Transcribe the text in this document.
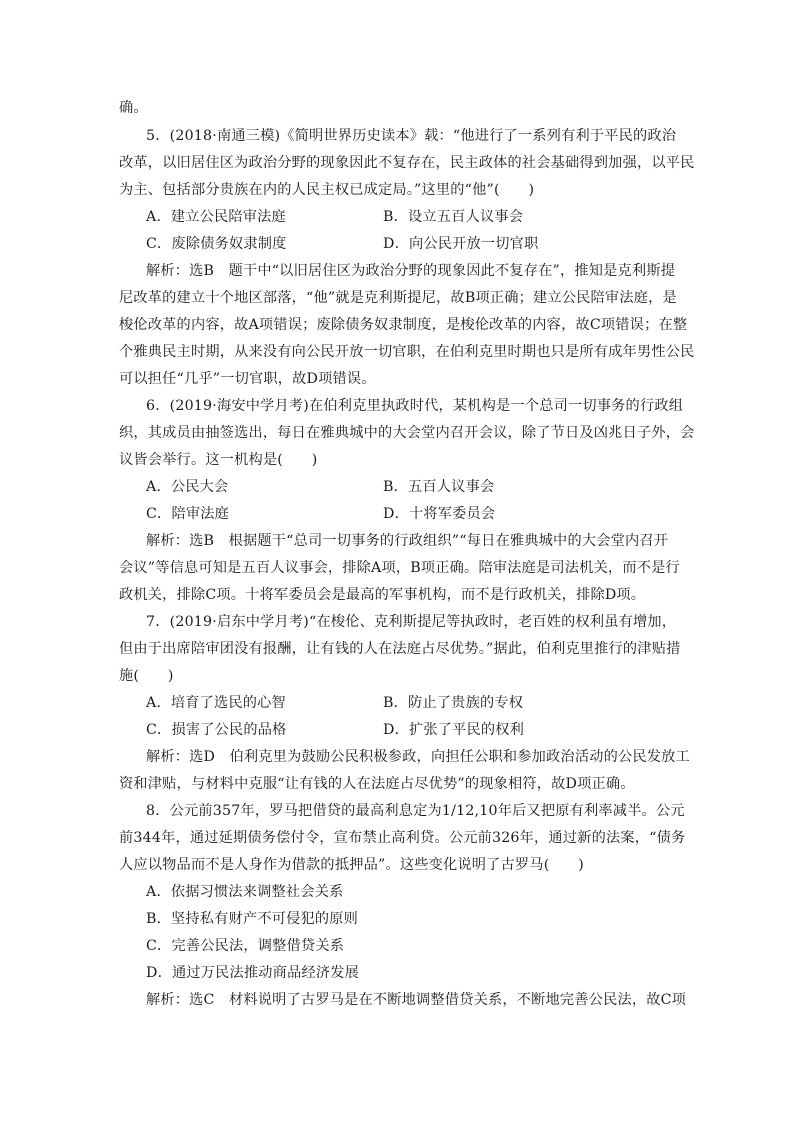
确。
5．(2018·南通三模)《简明世界历史读本》载：“他进行了一系列有利于平民的政治
改革，以旧居住区为政治分野的现象因此不复存在，民主政体的社会基础得到加强，以平民
为主、包括部分贵族在内的人民主权已成定局。”这里的“他”(　　)
A．建立公民陪审法庭	B．设立五百人议事会
C．废除债务奴隶制度	D．向公民开放一切官职
解析：选B　题干中“以旧居住区为政治分野的现象因此不复存在”，推知是克利斯提
尼改革的建立十个地区部落，“他”就是克利斯提尼，故B项正确；建立公民陪审法庭，是
梭伦改革的内容，故A项错误；废除债务奴隶制度，是梭伦改革的内容，故C项错误；在整
个雅典民主时期，从来没有向公民开放一切官职，在伯利克里时期也只是所有成年男性公民
可以担任“几乎”一切官职，故D项错误。
6．(2019·海安中学月考)在伯利克里执政时代，某机构是一个总司一切事务的行政组
织，其成员由抽签选出，每日在雅典城中的大会堂内召开会议，除了节日及凶兆日子外，会
议皆会举行。这一机构是(　　)
A．公民大会	B．五百人议事会
C．陪审法庭	D．十将军委员会
解析：选B　根据题干“总司一切事务的行政组织”“每日在雅典城中的大会堂内召开
会议”等信息可知是五百人议事会，排除A项，B项正确。陪审法庭是司法机关，而不是行
政机关，排除C项。十将军委员会是最高的军事机构，而不是行政机关，排除D项。
7．(2019·启东中学月考)“在梭伦、克利斯提尼等执政时，老百姓的权利虽有增加，
但由于出席陪审团没有报酬，让有钱的人在法庭占尽优势。”据此，伯利克里推行的津贴措
施(　　)
A．培育了选民的心智	B．防止了贵族的专权
C．损害了公民的品格	D．扩张了平民的权利
解析：选D　伯利克里为鼓励公民积极参政，向担任公职和参加政治活动的公民发放工
资和津贴，与材料中克服“让有钱的人在法庭占尽优势”的现象相符，故D项正确。
8．公元前357年，罗马把借贷的最高利息定为1/12,10年后又把原有利率减半。公元
前344年，通过延期债务偿付令，宣布禁止高利贷。公元前326年，通过新的法案，“债务
人应以物品而不是人身作为借款的抵押品”。这些变化说明了古罗马(　　)
A．依据习惯法来调整社会关系
B．坚持私有财产不可侵犯的原则
C．完善公民法，调整借贷关系
D．通过万民法推动商品经济发展
解析：选C　材料说明了古罗马是在不断地调整借贷关系，不断地完善公民法，故C项
